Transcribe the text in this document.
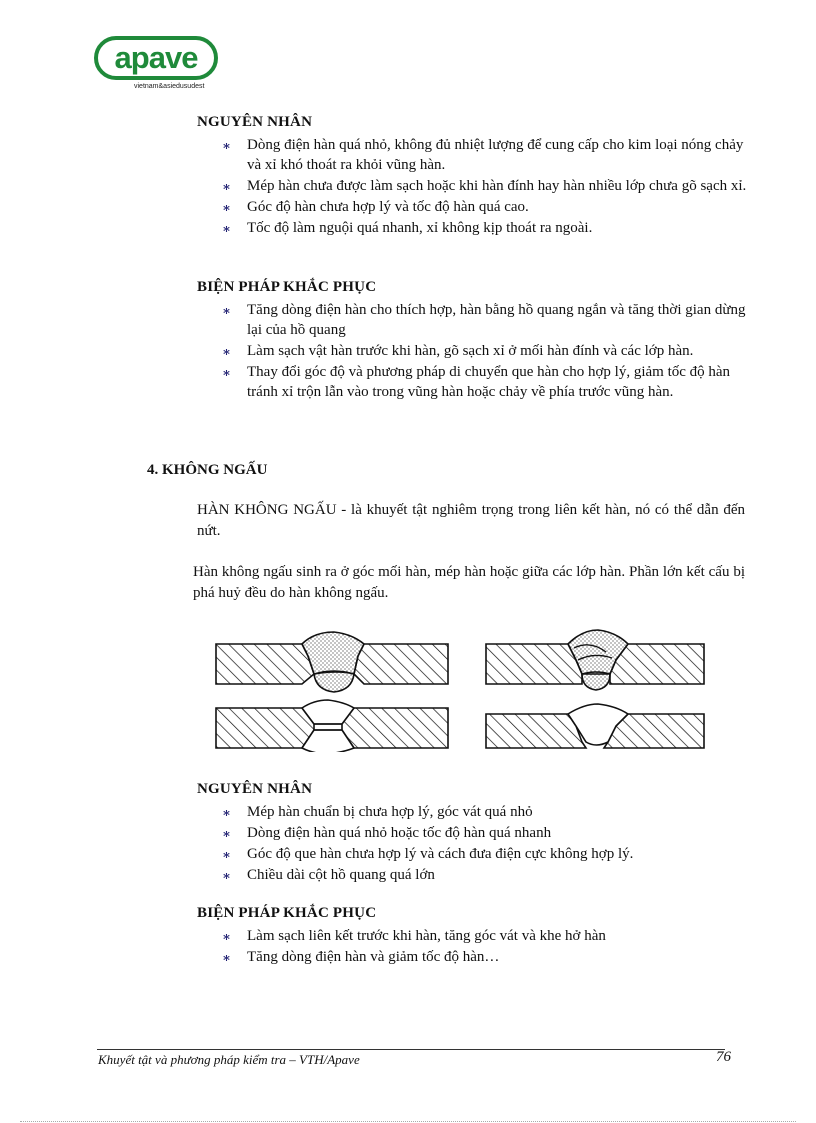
apave
vietnam&asiedusudest
NGUYÊN NHÂN
∗ Dòng điện hàn quá nhỏ, không đủ nhiệt lượng để cung cấp cho kim loại nóng chảy và xỉ khó thoát ra khỏi vũng hàn.
∗ Mép hàn chưa được làm sạch hoặc khi hàn đính hay hàn nhiều lớp chưa gõ sạch xỉ.
∗ Góc độ hàn chưa hợp lý và tốc độ hàn quá cao.
∗ Tốc độ làm nguội quá nhanh, xỉ không kịp thoát ra ngoài.
BIỆN PHÁP KHẮC PHỤC
∗ Tăng dòng điện hàn cho thích hợp, hàn bằng hồ quang ngắn và tăng thời gian dừng lại của hồ quang
∗ Làm sạch vật hàn trước khi hàn, gõ sạch xỉ ở mối hàn đính và các lớp hàn.
∗ Thay đổi góc độ và phương pháp di chuyển que hàn cho hợp lý, giảm tốc độ hàn tránh xỉ trộn lẫn vào trong vũng hàn hoặc chảy về phía trước vũng hàn.
4. KHÔNG NGẤU
HÀN KHÔNG NGẤU - là khuyết tật nghiêm trọng trong liên kết hàn, nó có thể dẫn đến nứt.
Hàn không ngấu sinh ra ở góc mối hàn, mép hàn hoặc giữa các lớp hàn. Phần lớn kết cấu bị phá huỷ đều do hàn không ngấu.
NGUYÊN NHÂN
∗ Mép hàn chuẩn bị chưa hợp lý, góc vát quá nhỏ
∗ Dòng điện hàn quá nhỏ hoặc tốc độ hàn quá nhanh
∗ Góc độ que hàn chưa hợp lý và cách đưa điện cực không hợp lý.
∗ Chiều dài cột hồ quang quá lớn
BIỆN PHÁP KHẮC PHỤC
∗ Làm sạch liên kết trước khi hàn, tăng góc vát và khe hở hàn
∗ Tăng dòng điện hàn và giảm tốc độ hàn…
Khuyết tật và phương pháp kiểm tra – VTH/Apave	76
